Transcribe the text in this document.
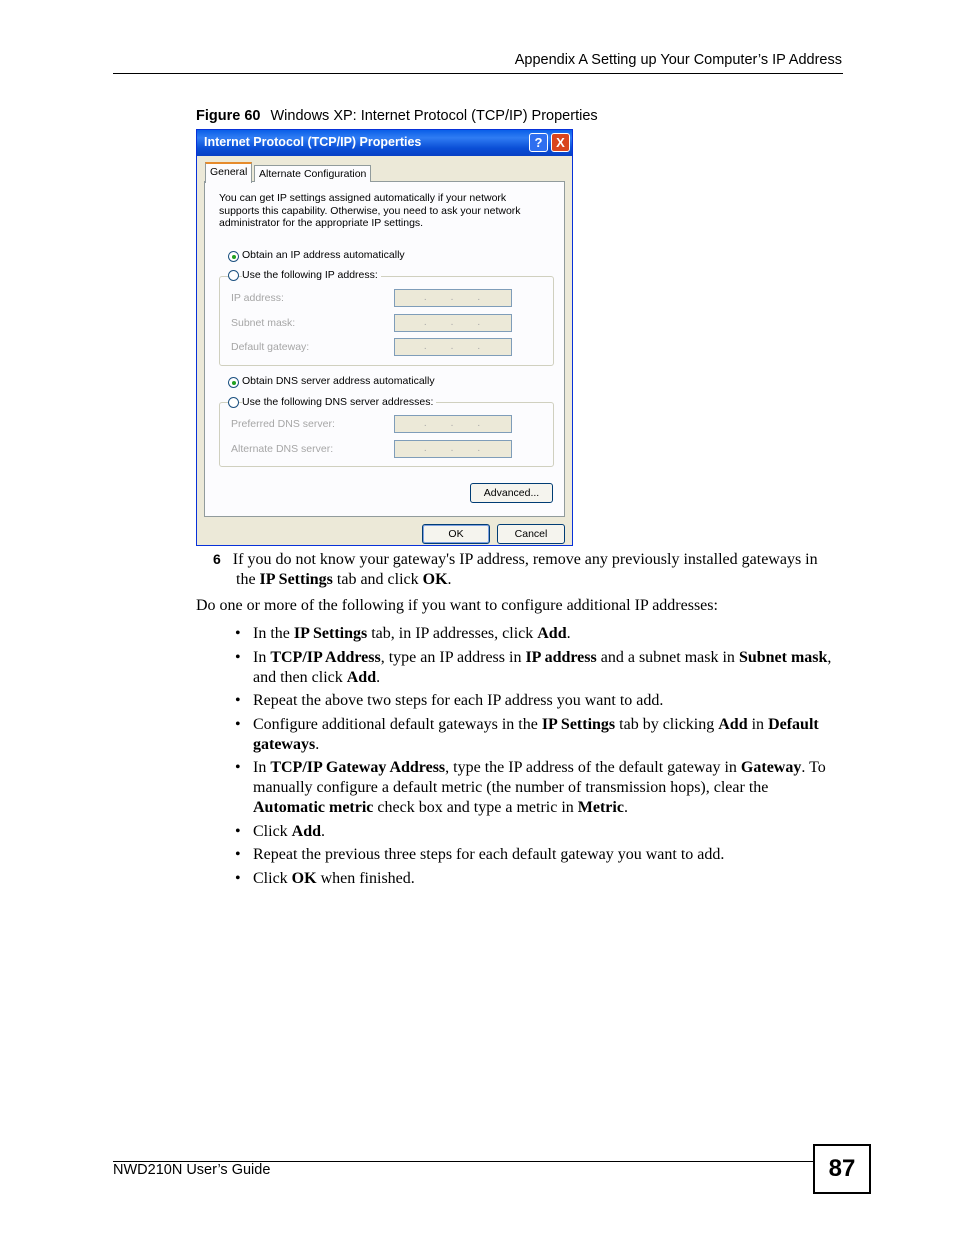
Appendix A Setting up Your Computer’s IP Address
Figure 60 Windows XP: Internet Protocol (TCP/IP) Properties
Internet Protocol (TCP/IP) Properties	?	X
Alternate Configuration
General
You can get IP settings assigned automatically if your network supports this capability. Otherwise, you need to ask your network administrator for the appropriate IP settings.
Obtain an IP address automatically
Use the following IP address:
IP address:	...
Subnet mask:	...
Default gateway:	...
Obtain DNS server address automatically
Use the following DNS server addresses:
Preferred DNS server:	...
Alternate DNS server:	...
Advanced...
OK	Cancel
6 If you do not know your gateway's IP address, remove any previously installed gateways in the IP Settings tab and click OK.
Do one or more of the following if you want to configure additional IP addresses:
• In the IP Settings tab, in IP addresses, click Add.
• In TCP/IP Address, type an IP address in IP address and a subnet mask in Subnet mask, and then click Add.
• Repeat the above two steps for each IP address you want to add.
• Configure additional default gateways in the IP Settings tab by clicking Add in Default gateways.
• In TCP/IP Gateway Address, type the IP address of the default gateway in Gateway. To manually configure a default metric (the number of transmission hops), clear the Automatic metric check box and type a metric in Metric.
• Click Add.
• Repeat the previous three steps for each default gateway you want to add.
• Click OK when finished.
NWD210N User’s Guide	87
